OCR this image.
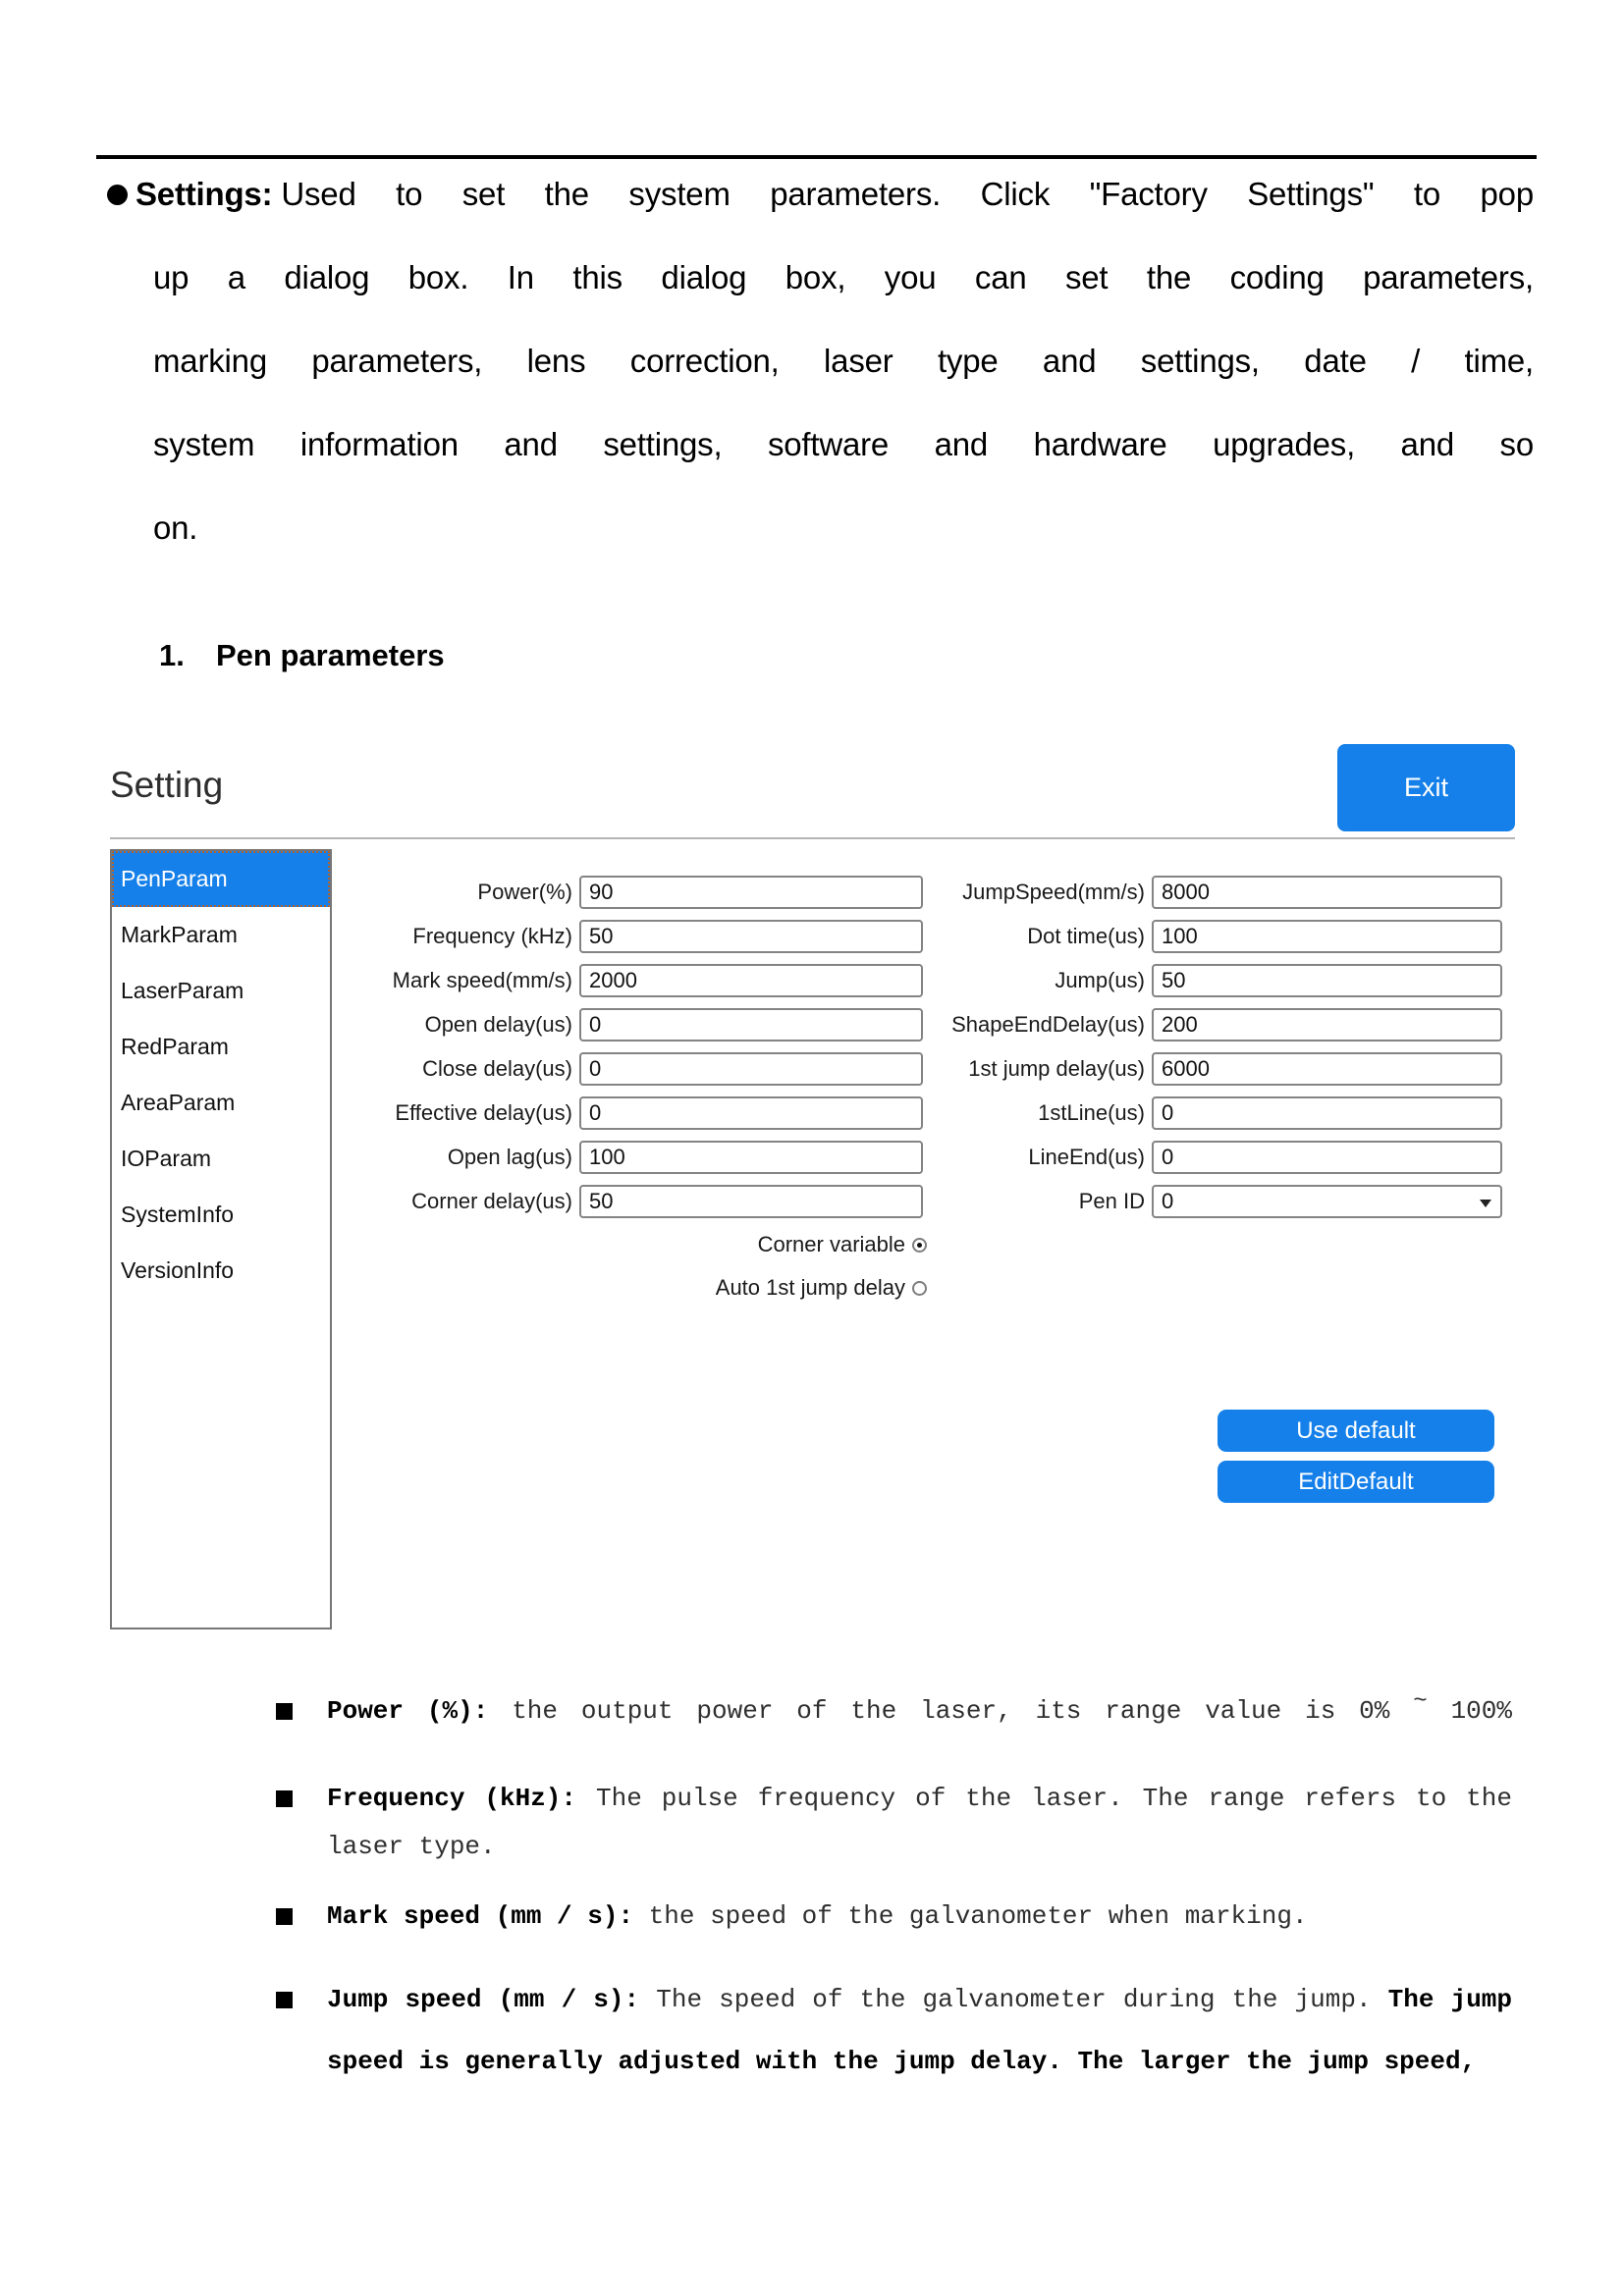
Settings: Used to set the system parameters. Click "Factory Settings" to pop
up a dialog box. In this dialog box, you can set the coding parameters,
marking parameters, lens correction, laser type and settings, date / time,
system information and settings, software and hardware upgrades, and so
on.
1. Pen parameters
Setting	Exit
PenParam
MarkParam
LaserParam
RedParam
AreaParam
IOParam
SystemInfo
VersionInfo
Power(%) 90
Frequency (kHz) 50
Mark speed(mm/s) 2000
Open delay(us) 0
Close delay(us) 0
Effective delay(us) 0
Open lag(us) 100
Corner delay(us) 50
JumpSpeed(mm/s) 8000
Dot time(us) 100
Jump(us) 50
ShapeEndDelay(us) 200
1st jump delay(us) 6000
1stLine(us) 0
LineEnd(us) 0
Pen ID 0
Corner variable
Auto 1st jump delay
Use default
EditDefault
Power (%): the output power of the laser, its range value is 0% ~ 100%
Frequency (kHz): The pulse frequency of the laser. The range refers to the
laser type.
Mark speed (mm / s): the speed of the galvanometer when marking.
Jump speed (mm / s): The speed of the galvanometer during the jump. The jump
speed is generally adjusted with the jump delay. The larger the jump speed,
